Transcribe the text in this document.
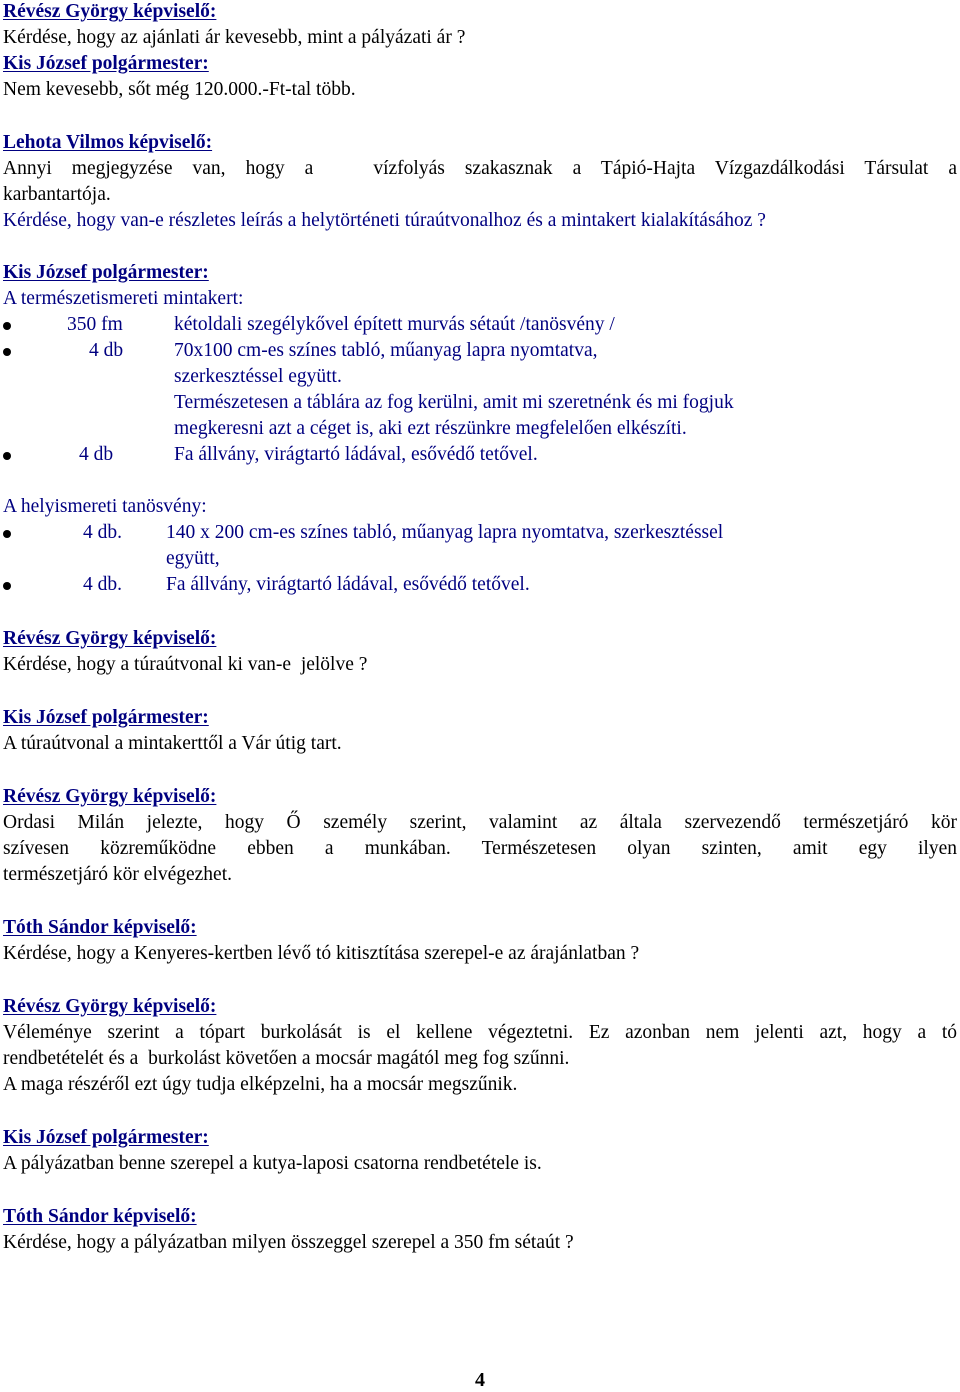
Révész György képviselő:
Kérdése, hogy az ajánlati ár kevesebb, mint a pályázati ár ?
Kis József polgármester:
Nem kevesebb, sőt még 120.000.-Ft-tal több.
Lehota Vilmos képviselő:
Annyi megjegyzése van, hogy a   vízfolyás szakasznak a Tápió-Hajta Vízgazdálkodási Társulat a
karbantartója.
Kérdése, hogy van-e részletes leírás a helytörténeti túraútvonalhoz és a mintakert kialakításához ?
Kis József polgármester:
A természetismereti mintakert:
350 fm	kétoldali szegélykővel épített murvás sétaút /tanösvény /
4 db	70x100 cm-es színes tabló, műanyag lapra nyomtatva,
szerkesztéssel együtt.
Természetesen a táblára az fog kerülni, amit mi szeretnénk és mi fogjuk
megkeresni azt a céget is, aki ezt részünkre megfelelően elkészíti.
4 db	Fa állvány, virágtartó ládával, esővédő tetővel.
A helyismereti tanösvény:
4 db. 140 x 200 cm-es színes tabló, műanyag lapra nyomtatva, szerkesztéssel
együtt,
4 db. Fa állvány, virágtartó ládával, esővédő tetővel.
Révész György képviselő:
Kérdése, hogy a túraútvonal ki van-e  jelölve ?
Kis József polgármester:
A túraútvonal a mintakerttől a Vár útig tart.
Révész György képviselő:
Ordasi Milán jelezte, hogy Ő személy szerint, valamint az általa szervezendő természetjáró kör
szívesen közreműködne ebben a munkában. Természetesen olyan szinten, amit egy ilyen
természetjáró kör elvégezhet.
Tóth Sándor képviselő:
Kérdése, hogy a Kenyeres-kertben lévő tó kitisztítása szerepel-e az árajánlatban ?
Révész György képviselő:
Véleménye szerint a tópart burkolását is el kellene végeztetni. Ez azonban nem jelenti azt, hogy a tó
rendbetételét és a  burkolást követően a mocsár magától meg fog szűnni.
A maga részéről ezt úgy tudja elképzelni, ha a mocsár megszűnik.
Kis József polgármester:
A pályázatban benne szerepel a kutya-laposi csatorna rendbetétele is.
Tóth Sándor képviselő:
Kérdése, hogy a pályázatban milyen összeggel szerepel a 350 fm sétaút ?
4
